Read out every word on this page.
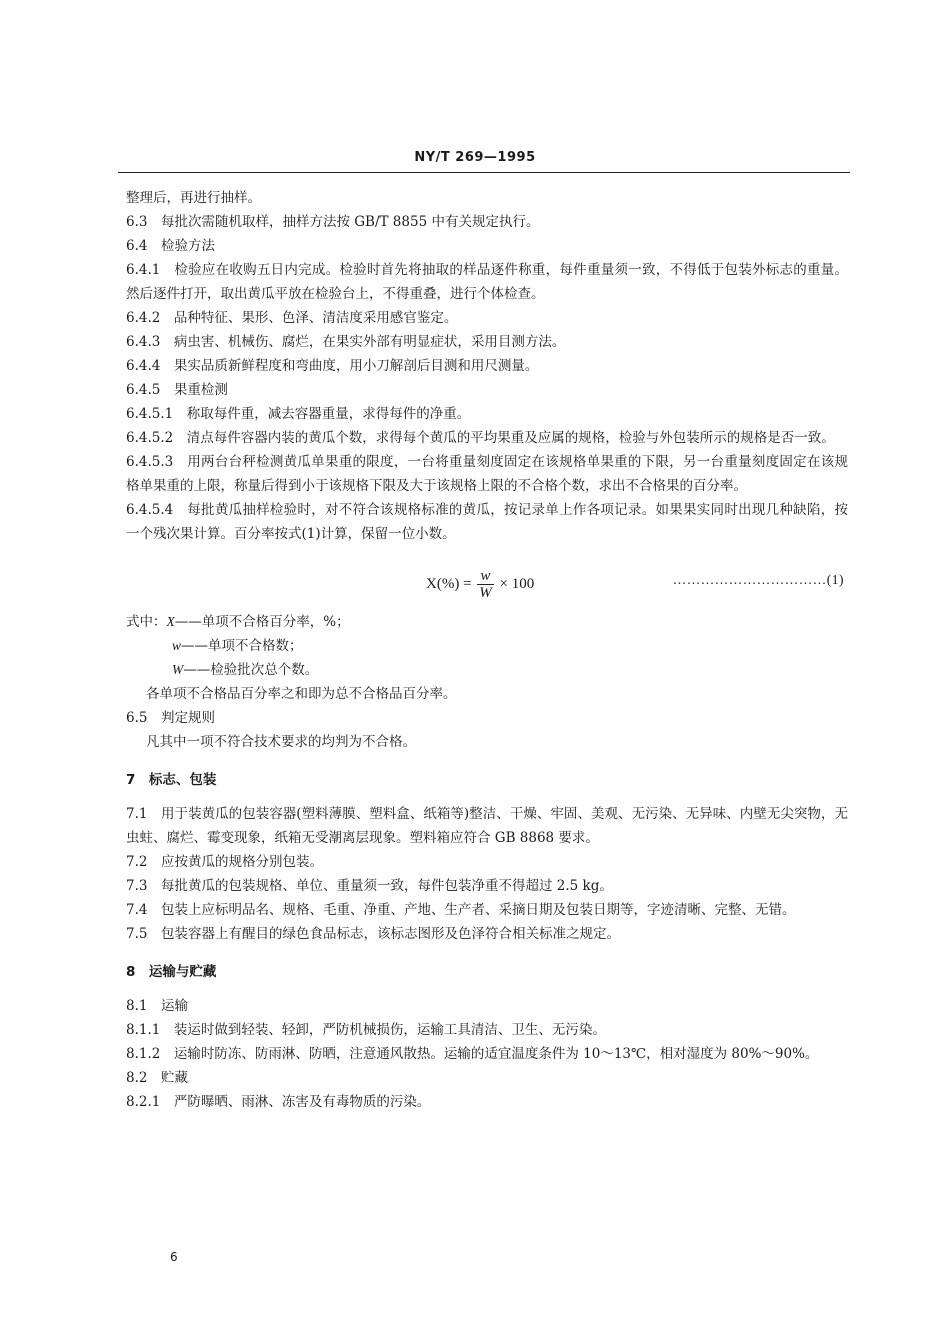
NY/T 269—1995

整理后，再进行抽样。

6.3　每批次需随机取样，抽样方法按 GB/T 8855 中有关规定执行。

6.4　检验方法

6.4.1　检验应在收购五日内完成。检验时首先将抽取的样品逐件称重，每件重量须一致，不得低于包装外标志的重量。然后逐件打开，取出黄瓜平放在检验台上，不得重叠，进行个体检查。

6.4.2　品种特征、果形、色泽、清洁度采用感官鉴定。

6.4.3　病虫害、机械伤、腐烂，在果实外部有明显症状，采用目测方法。

6.4.4　果实品质新鲜程度和弯曲度，用小刀解剖后目测和用尺测量。

6.4.5　果重检测

6.4.5.1　称取每件重，减去容器重量，求得每件的净重。

6.4.5.2　清点每件容器内装的黄瓜个数，求得每个黄瓜的平均果重及应属的规格，检验与外包装所示的规格是否一致。

6.4.5.3　用两台台秤检测黄瓜单果重的限度，一台将重量刻度固定在该规格单果重的下限，另一台重量刻度固定在该规格单果重的上限，称量后得到小于该规格下限及大于该规格上限的不合格个数，求出不合格果的百分率。

6.4.5.4　每批黄瓜抽样检验时，对不符合该规格标准的黄瓜，按记录单上作各项记录。如果果实同时出现几种缺陷，按一个残次果计算。百分率按式(1)计算，保留一位小数。

$X(\%) = \frac{w}{W} \times 100$	……………………………(1)

式中：X——单项不合格百分率，%；

w——单项不合格数；

W——检验批次总个数。

各单项不合格品百分率之和即为总不合格品百分率。

6.5　判定规则

凡其中一项不符合技术要求的均判为不合格。

7　标志、包装

7.1　用于装黄瓜的包装容器(塑料薄膜、塑料盒、纸箱等)整洁、干燥、牢固、美观、无污染、无异味、内壁无尖突物，无虫蛀、腐烂、霉变现象，纸箱无受潮离层现象。塑料箱应符合 GB 8868 要求。

7.2　应按黄瓜的规格分别包装。

7.3　每批黄瓜的包装规格、单位、重量须一致，每件包装净重不得超过 2.5 kg。

7.4　包装上应标明品名、规格、毛重、净重、产地、生产者、采摘日期及包装日期等，字迹清晰、完整、无错。

7.5　包装容器上有醒目的绿色食品标志，该标志图形及色泽符合相关标准之规定。

8　运输与贮藏

8.1　运输

8.1.1　装运时做到轻装、轻卸，严防机械损伤，运输工具清洁、卫生、无污染。

8.1.2　运输时防冻、防雨淋、防晒，注意通风散热。运输的适宜温度条件为 10～13℃，相对湿度为 80%～90%。

8.2　贮藏

8.2.1　严防曝晒、雨淋、冻害及有毒物质的污染。

6
